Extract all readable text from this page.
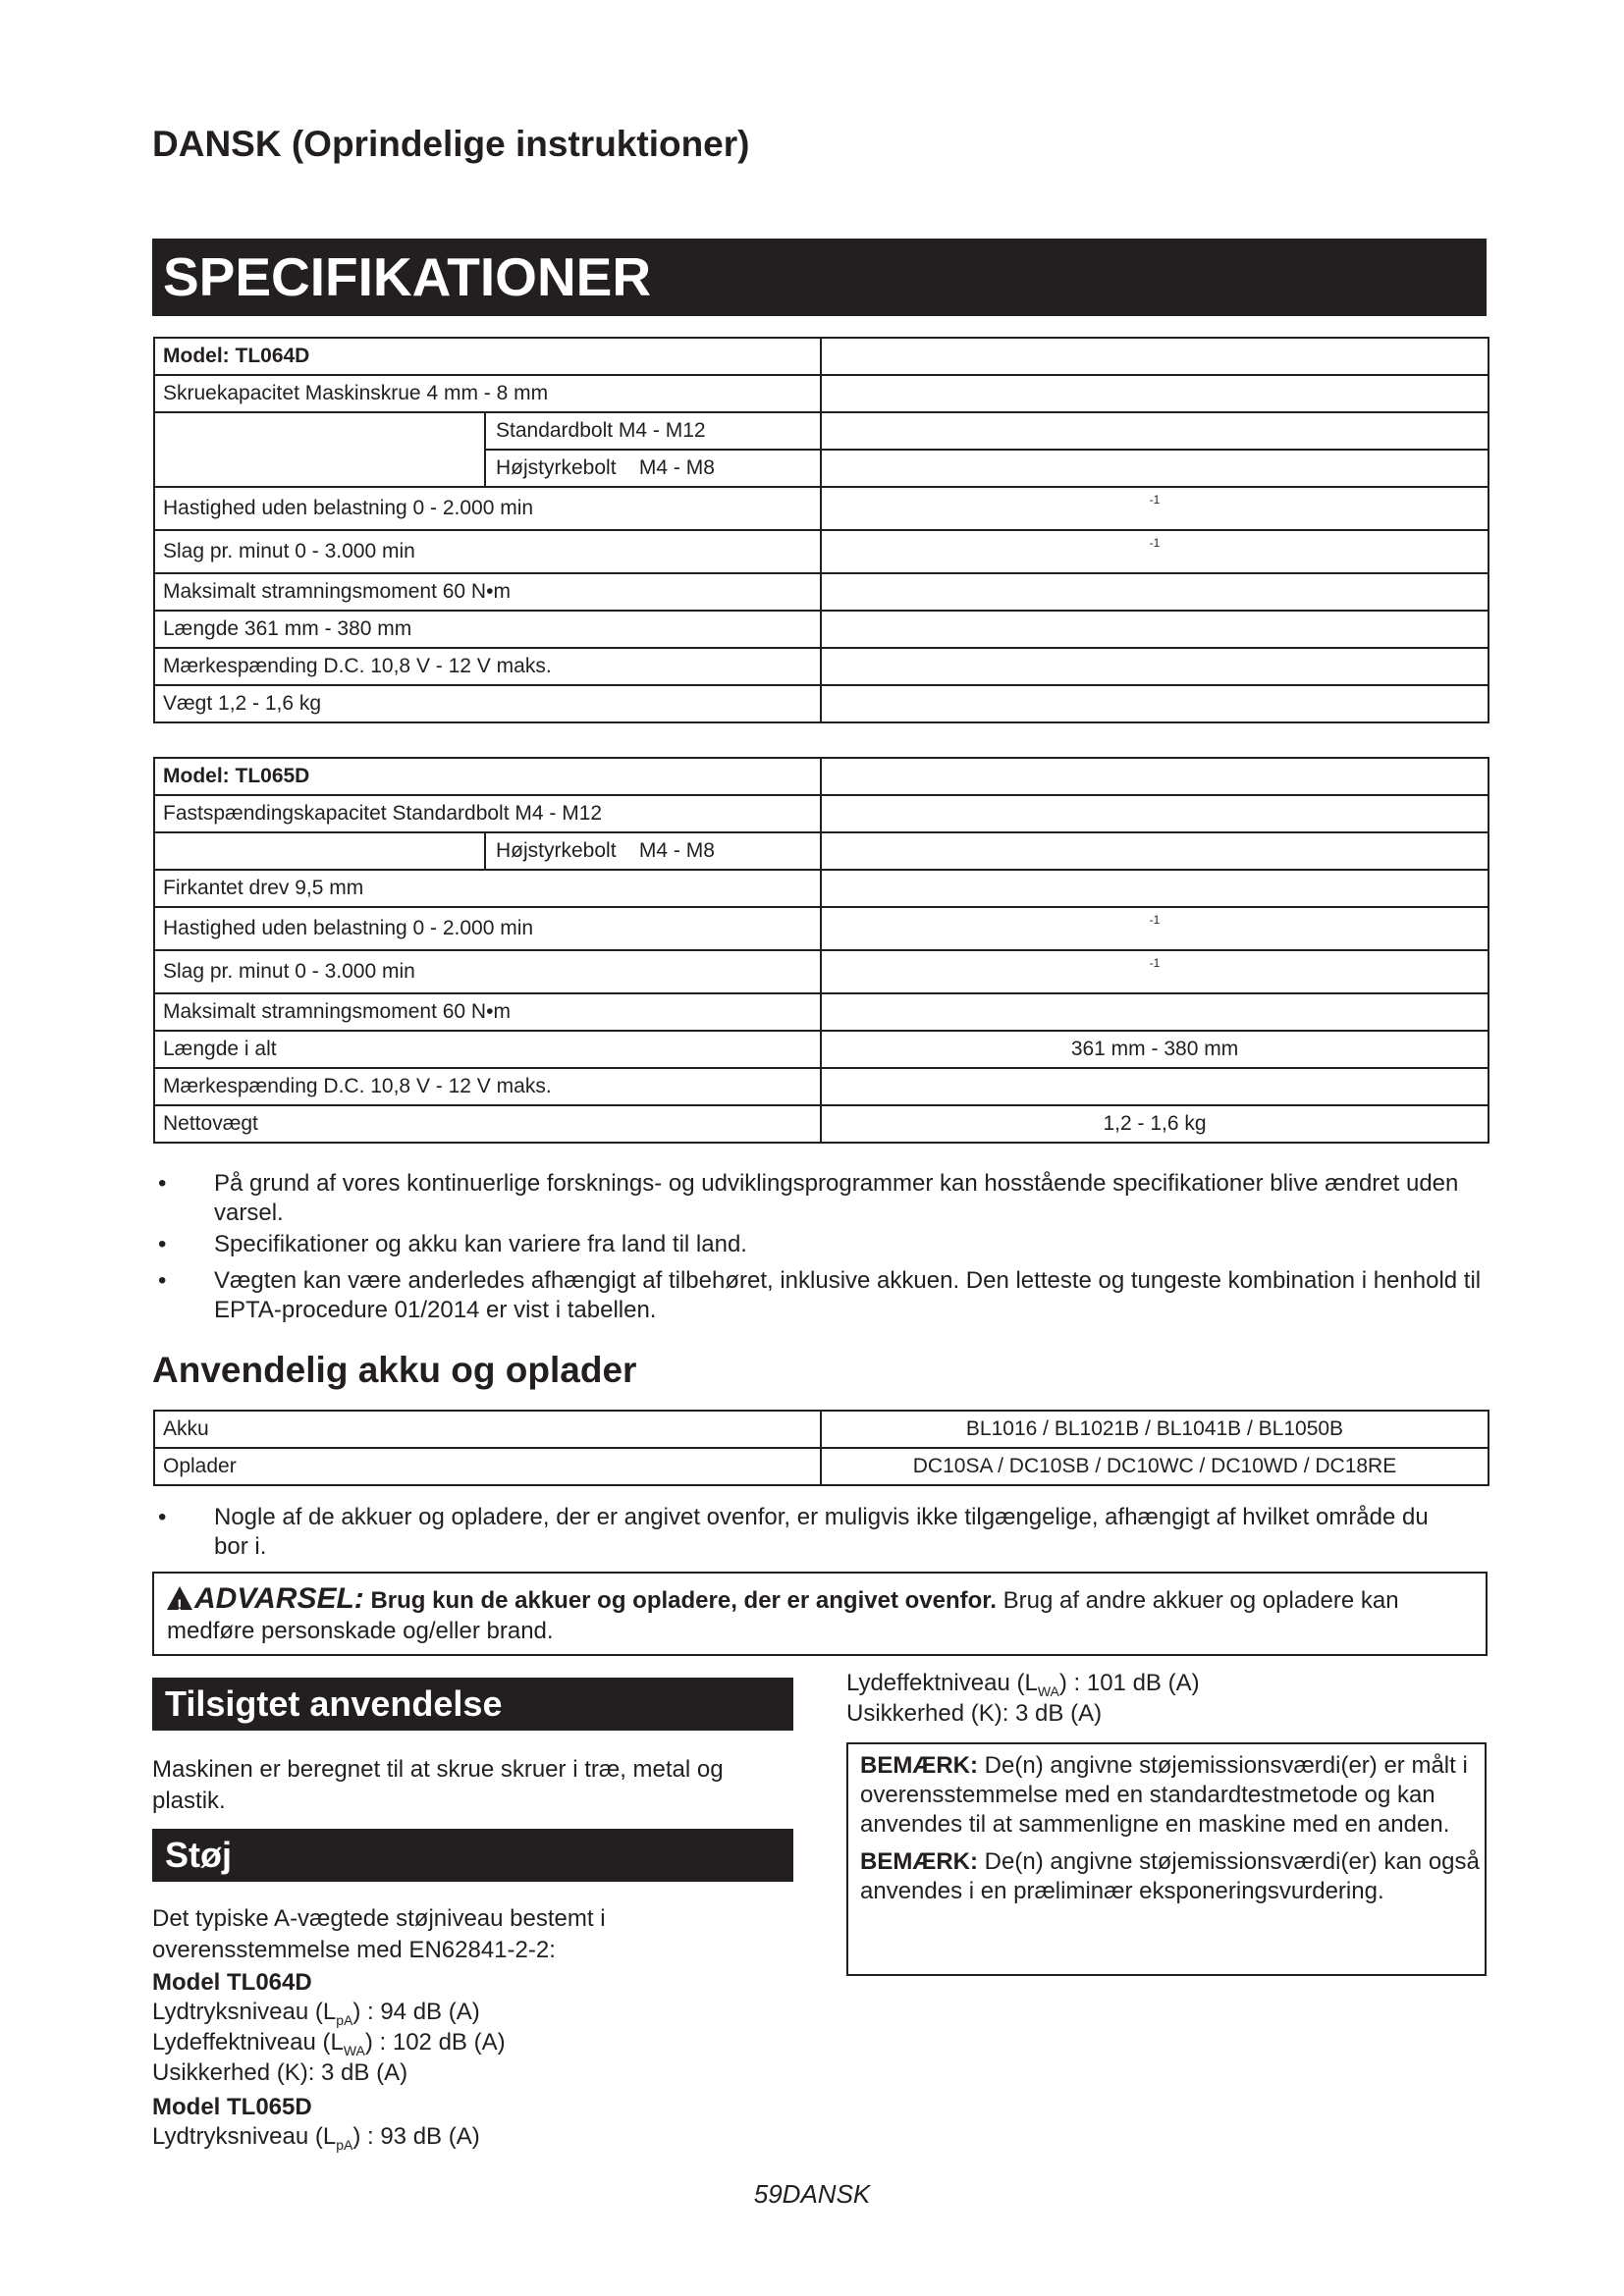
DANSK (Oprindelige instruktioner)
SPECIFIKATIONER
Model: TL064D		
Skruekapacitet Maskinskrue 4 mm - 8 mm		
	Standardbolt M4 - M12	
	Højstyrkebolt    M4 - M8	
Hastighed uden belastning 0 - 2.000 min		$^{-1}$
Slag pr. minut 0 - 3.000 min		$^{-1}$
Maksimalt stramningsmoment 60 N•m		
Længde 361 mm - 380 mm		
Mærkespænding D.C. 10,8 V - 12 V maks.		
Vægt 1,2 - 1,6 kg		
Model: TL065D		
Fastspændingskapacitet Standardbolt M4 - M12		
	Højstyrkebolt    M4 - M8	
Firkantet drev 9,5 mm		
Hastighed uden belastning 0 - 2.000 min		$^{-1}$
Slag pr. minut 0 - 3.000 min		$^{-1}$
Maksimalt stramningsmoment 60 N•m		
Længde i alt		361 mm - 380 mm
Mærkespænding D.C. 10,8 V - 12 V maks.		
Nettovægt		1,2 - 1,6 kg
• På grund af vores kontinuerlige forsknings- og udviklingsprogrammer kan hosstående specifikationer blive ændret uden varsel.
• Specifikationer og akku kan variere fra land til land.
• Vægten kan være anderledes afhængigt af tilbehøret, inklusive akkuen. Den letteste og tungeste kombination i henhold til EPTA-procedure 01/2014 er vist i tabellen.
Anvendelig akku og oplader
Akku	BL1016 / BL1021B / BL1041B / BL1050B
Oplader	DC10SA / DC10SB / DC10WC / DC10WD / DC18RE
• Nogle af de akkuer og opladere, der er angivet ovenfor, er muligvis ikke tilgængelige, afhængigt af hvilket område du bor i.
!ADVARSEL: Brug kun de akkuer og opladere, der er angivet ovenfor. Brug af andre akkuer og opladere kan medføre personskade og/eller brand.
Tilsigtet anvendelse
Maskinen er beregnet til at skrue skruer i træ, metal og plastik.
Støj
Det typiske A-vægtede støjniveau bestemt i overensstemmelse med EN62841-2-2:
Model TL064D
Lydtryksniveau $(L_{pA})$ : 94 dB (A)
Lydeffektniveau $(L_{WA})$ : 102 dB (A)
Usikkerhed (K): 3 dB (A)
Model TL065D
Lydtryksniveau $(L_{pA})$ : 93 dB (A)
Lydeffektniveau $(L_{WA})$ : 101 dB (A)
Usikkerhed (K): 3 dB (A)

BEMÆRK: De(n) angivne støjemissionsværdi(er) er målt i overensstemmelse med en standardtestmetode og kan anvendes til at sammenligne en maskine med en anden.

BEMÆRK: De(n) angivne støjemissionsværdi(er) kan også anvendes i en præliminær eksponeringsvurdering.

59DANSK
